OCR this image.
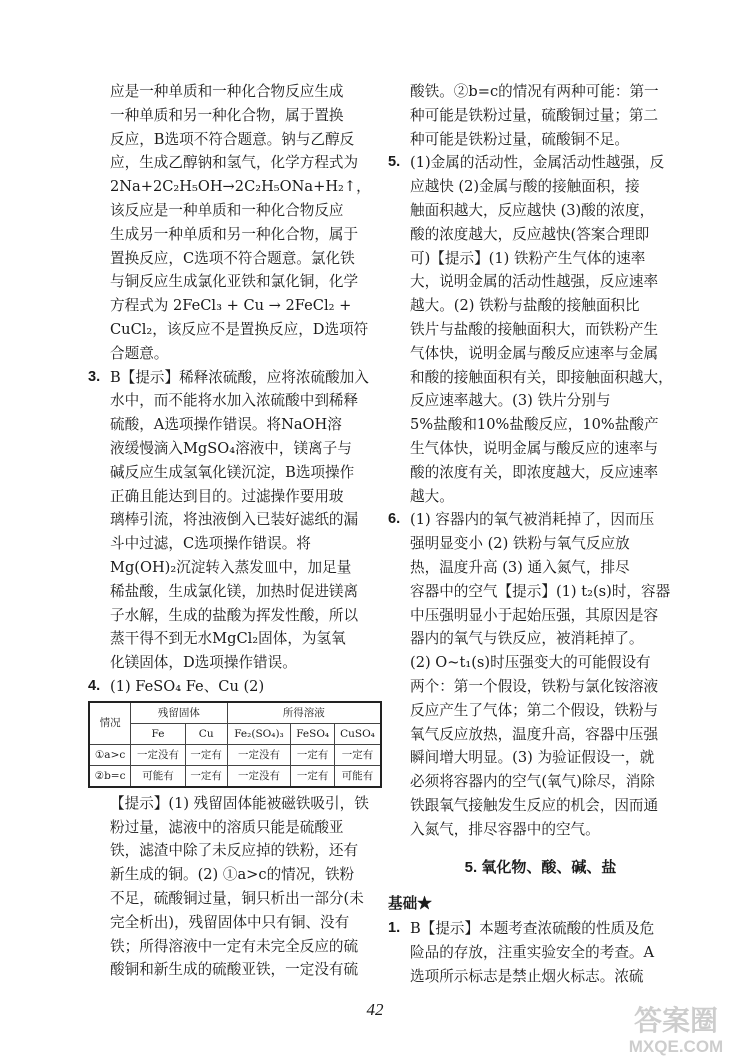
应是一种单质和一种化合物反应生成
一种单质和另一种化合物，属于置换
反应，B选项不符合题意。钠与乙醇反
应，生成乙醇钠和氢气，化学方程式为
2Na+2C₂H₅OH→2C₂H₅ONa+H₂↑，
该反应是一种单质和一种化合物反应
生成另一种单质和另一种化合物，属于
置换反应，C选项不符合题意。氯化铁
与铜反应生成氯化亚铁和氯化铜，化学
方程式为 2FeCl₃ + Cu → 2FeCl₂ +
CuCl₂，该反应不是置换反应，D选项符
合题意。
3. B【提示】稀释浓硫酸，应将浓硫酸加入
水中，而不能将水加入浓硫酸中到稀释
硫酸，A选项操作错误。将NaOH溶
液缓慢滴入MgSO₄溶液中，镁离子与
碱反应生成氢氧化镁沉淀，B选项操作
正确且能达到目的。过滤操作要用玻
璃棒引流，将浊液倒入已装好滤纸的漏
斗中过滤，C选项操作错误。将
Mg(OH)₂沉淀转入蒸发皿中，加足量
稀盐酸，生成氯化镁，加热时促进镁离
子水解，生成的盐酸为挥发性酸，所以
蒸干得不到无水MgCl₂固体，为氢氧
化镁固体，D选项操作错误。
4. (1) FeSO₄ Fe、Cu (2)
情况	残留固体		所得溶液		
	Fe	Cu	Fe₂(SO₄)₃	FeSO₄	CuSO₄
①a>c	一定没有	一定有	一定没有	一定有	一定有
②b=c	可能有	一定有	一定没有	一定有	可能有
【提示】(1) 残留固体能被磁铁吸引，铁
粉过量，滤液中的溶质只能是硫酸亚
铁，滤渣中除了未反应掉的铁粉，还有
新生成的铜。(2) ①a>c的情况，铁粉
不足，硫酸铜过量，铜只析出一部分(未
完全析出)，残留固体中只有铜、没有
铁；所得溶液中一定有未完全反应的硫
酸铜和新生成的硫酸亚铁，一定没有硫
酸铁。②b=c的情况有两种可能：第一
种可能是铁粉过量，硫酸铜过量；第二
种可能是铁粉过量，硫酸铜不足。
5. (1)金属的活动性，金属活动性越强，反
应越快 (2)金属与酸的接触面积，接
触面积越大，反应越快 (3)酸的浓度，
酸的浓度越大，反应越快(答案合理即
可)【提示】(1) 铁粉产生气体的速率
大，说明金属的活动性越强，反应速率
越大。(2) 铁粉与盐酸的接触面积比
铁片与盐酸的接触面积大，而铁粉产生
气体快，说明金属与酸反应速率与金属
和酸的接触面积有关，即接触面积越大，
反应速率越大。(3) 铁片分别与
5%盐酸和10%盐酸反应，10%盐酸产
生气体快，说明金属与酸反应的速率与
酸的浓度有关，即浓度越大，反应速率
越大。
6. (1) 容器内的氧气被消耗掉了，因而压
强明显变小 (2) 铁粉与氧气反应放
热，温度升高 (3) 通入氮气，排尽
容器中的空气【提示】(1) t₂(s)时，容器
中压强明显小于起始压强，其原因是容
器内的氧气与铁反应，被消耗掉了。
(2) O~t₁(s)时压强变大的可能假设有
两个：第一个假设，铁粉与氯化铵溶液
反应产生了气体；第二个假设，铁粉与
氧气反应放热，温度升高，容器中压强
瞬间增大明显。(3) 为验证假设一，就
必须将容器内的空气(氧气)除尽，消除
铁跟氧气接触发生反应的机会，因而通
入氮气，排尽容器中的空气。
5. 氧化物、酸、碱、盐
基础★
1. B【提示】本题考查浓硫酸的性质及危
险品的存放，注重实验安全的考查。A
选项所示标志是禁止烟火标志。浓硫
42	答案圈
MXQE.COM
